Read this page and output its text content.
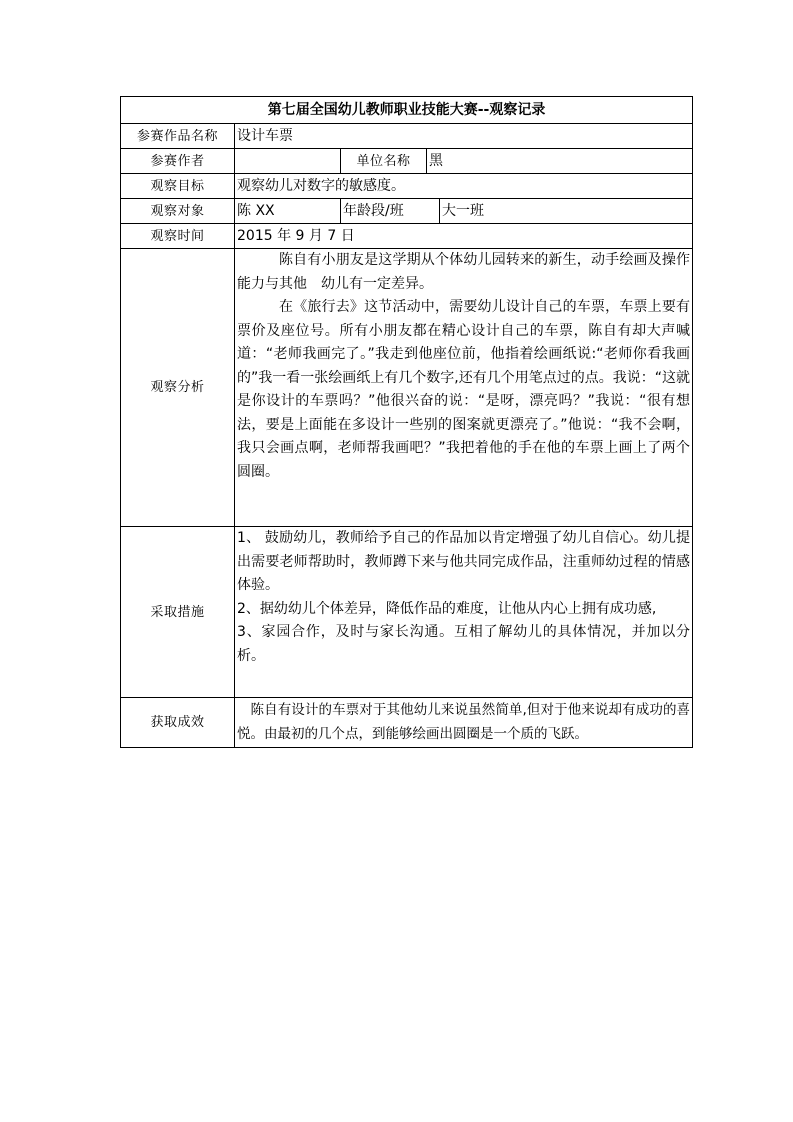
第七届全国幼儿教师职业技能大赛--观察记录				
参赛作品名称	设计车票			
参赛作者		单位名称	黑	
观察目标	观察幼儿对数字的敏感度。			
观察对象	陈 XX	年龄段/班		大一班
观察时间	2015 年 9 月 7 日			
观察分析	陈自有小朋友是这学期从个体幼儿园转来的新生，动手绘画及操作能力与其他　幼儿有一定差异。

在《旅行去》这节活动中，需要幼儿设计自己的车票，车票上要有票价及座位号。所有小朋友都在精心设计自己的车票，陈自有却大声喊道：“老师我画完了。”我走到他座位前，他指着绘画纸说:“老师你看我画的”我一看一张绘画纸上有几个数字,还有几个用笔点过的点。我说：“这就是你设计的车票吗？”他很兴奋的说：“是呀，漂亮吗？”我说：“很有想法，要是上面能在多设计一些别的图案就更漂亮了。”他说：“我不会啊，我只会画点啊，老师帮我画吧？”我把着他的手在他的车票上画上了两个圆圈。			

采取措施	1、 鼓励幼儿，教师给予自己的作品加以肯定增强了幼儿自信心。幼儿提出需要老师帮助时，教师蹲下来与他共同完成作品，注重师幼过程的情感体验。

2、据幼幼儿个体差异，降低作品的难度，让他从内心上拥有成功感,

3、家园合作，及时与家长沟通。互相了解幼儿的具体情况，并加以分析。			

获取成效	陈自有设计的车票对于其他幼儿来说虽然简单,但对于他来说却有成功的喜悦。由最初的几个点，到能够绘画出圆圈是一个质的飞跃。			
